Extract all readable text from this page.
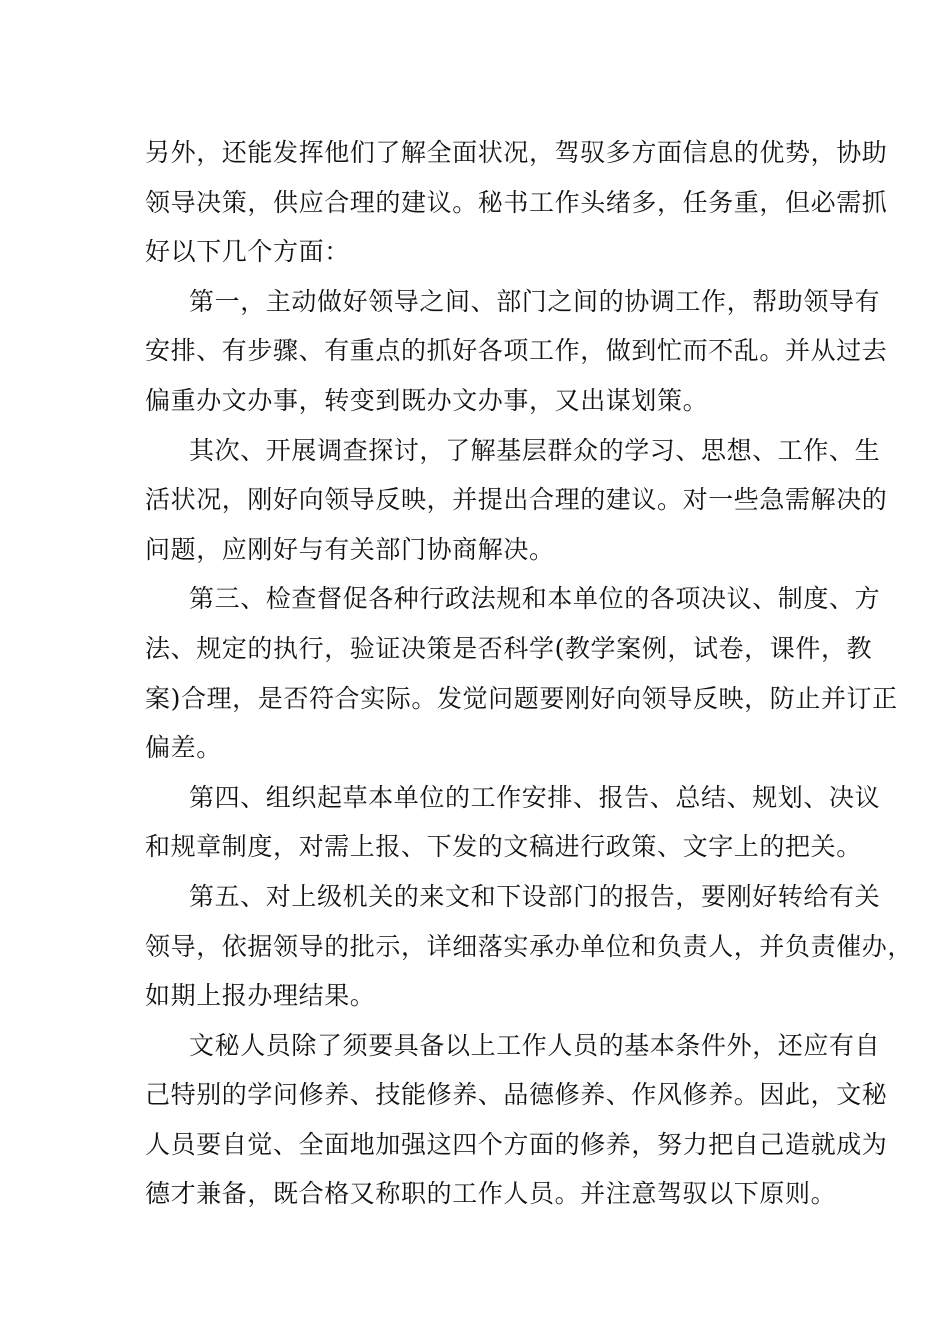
另外，还能发挥他们了解全面状况，驾驭多方面信息的优势，协助
领导决策，供应合理的建议。秘书工作头绪多，任务重，但必需抓
好以下几个方面：
第一，主动做好领导之间、部门之间的协调工作，帮助领导有
安排、有步骤、有重点的抓好各项工作，做到忙而不乱。并从过去
偏重办文办事，转变到既办文办事，又出谋划策。
其次、开展调查探讨，了解基层群众的学习、思想、工作、生
活状况，刚好向领导反映，并提出合理的建议。对一些急需解决的
问题，应刚好与有关部门协商解决。
第三、检查督促各种行政法规和本单位的各项决议、制度、方
法、规定的执行，验证决策是否科学(教学案例，试卷，课件，教
案)合理，是否符合实际。发觉问题要刚好向领导反映，防止并订正
偏差。
第四、组织起草本单位的工作安排、报告、总结、规划、决议
和规章制度，对需上报、下发的文稿进行政策、文字上的把关。
第五、对上级机关的来文和下设部门的报告，要刚好转给有关
领导，依据领导的批示，详细落实承办单位和负责人，并负责催办，
如期上报办理结果。
文秘人员除了须要具备以上工作人员的基本条件外，还应有自
己特别的学问修养、技能修养、品德修养、作风修养。因此，文秘
人员要自觉、全面地加强这四个方面的修养，努力把自己造就成为
德才兼备，既合格又称职的工作人员。并注意驾驭以下原则。
